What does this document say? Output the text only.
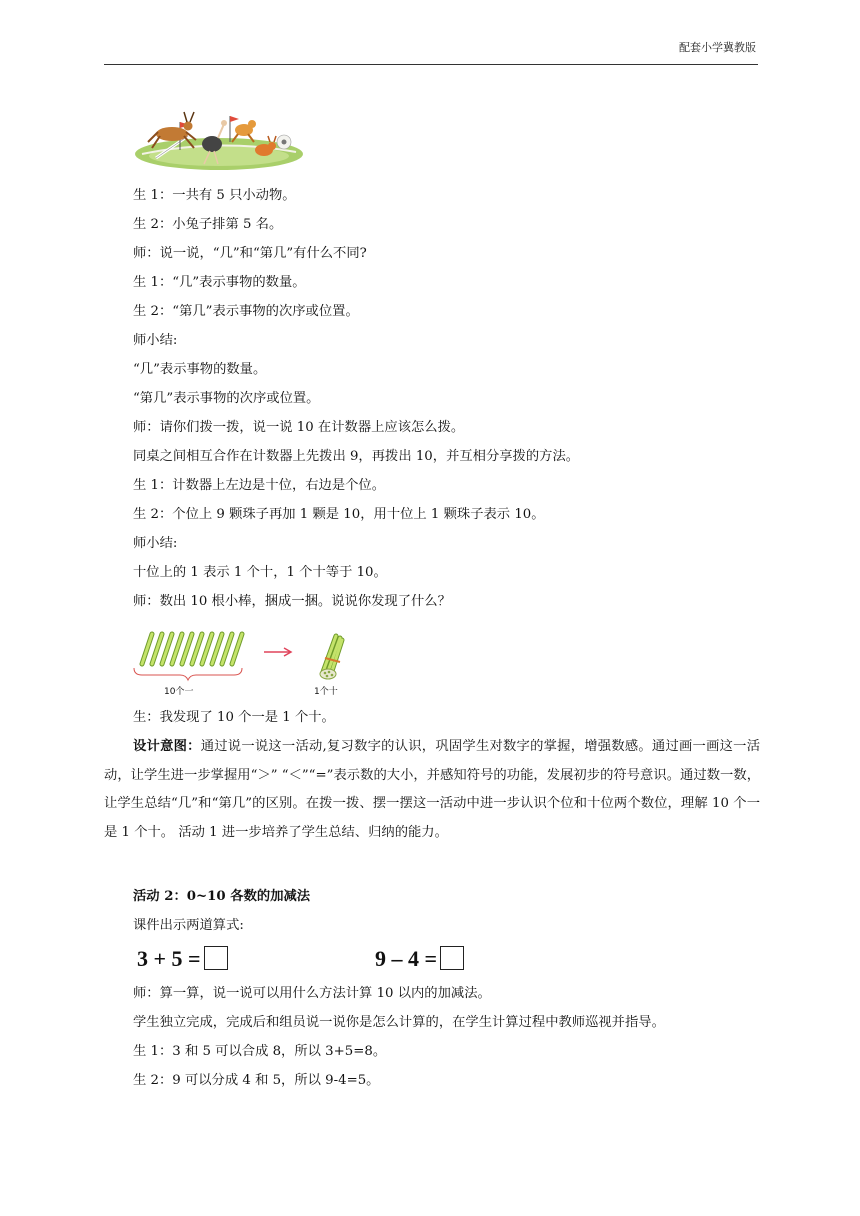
配套小学冀教版
生 1：一共有 5 只小动物。
生 2：小兔子排第 5 名。
师：说一说，“几”和“第几”有什么不同?
生 1：“几”表示事物的数量。
生 2：“第几”表示事物的次序或位置。
师小结:
“几”表示事物的数量。
“第几”表示事物的次序或位置。
师：请你们拨一拨，说一说 10 在计数器上应该怎么拨。
同桌之间相互合作在计数器上先拨出 9，再拨出 10，并互相分享拨的方法。
生 1：计数器上左边是十位，右边是个位。
生 2：个位上 9 颗珠子再加 1 颗是 10，用十位上 1 颗珠子表示 10。
师小结:
十位上的 1 表示 1 个十，1 个十等于 10。
师：数出 10 根小棒，捆成一捆。说说你发现了什么？
10个一	1个十
生：我发现了 10 个一是 1 个十。
设计意图：通过说一说这一活动,复习数字的认识，巩固学生对数字的掌握，增强数感。通过画一画这一活动，让学生进一步掌握用“＞” “＜”“=”表示数的大小，并感知符号的功能，发展初步的符号意识。通过数一数，让学生总结“几”和“第几”的区别。在拨一拨、摆一摆这一活动中进一步认识个位和十位两个数位，理解 10 个一是 1 个十。 活动 1 进一步培养了学生总结、归纳的能力。
活动 2：0~10 各数的加减法
课件出示两道算式:
3 + 5 =	9 – 4 =
师：算一算，说一说可以用什么方法计算 10 以内的加减法。
学生独立完成，完成后和组员说一说你是怎么计算的，在学生计算过程中教师巡视并指导。
生 1：3 和 5 可以合成 8，所以 3+5=8。
生 2：9 可以分成 4 和 5，所以 9-4=5。
